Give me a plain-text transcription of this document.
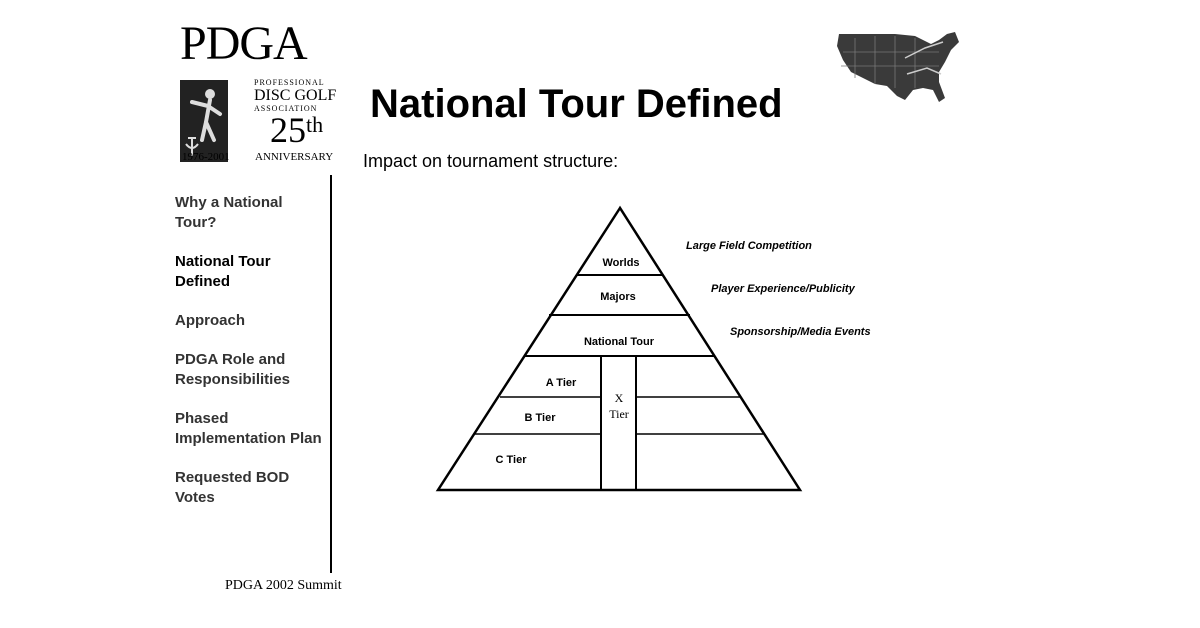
PDGA
PROFESSIONAL
DISC GOLF
ASSOCIATION
25th
1976-2001 ANNIVERSARY
National Tour Defined
Impact on tournament structure:
Why a National Tour?
National Tour Defined
Approach
PDGA Role and Responsibilities
Phased Implementation Plan
Requested BOD Votes
Worlds
Majors
National Tour
A Tier
B Tier
C Tier
X
Tier
Large Field Competition
Player Experience/Publicity
Sponsorship/Media Events
PDGA 2002 Summit
